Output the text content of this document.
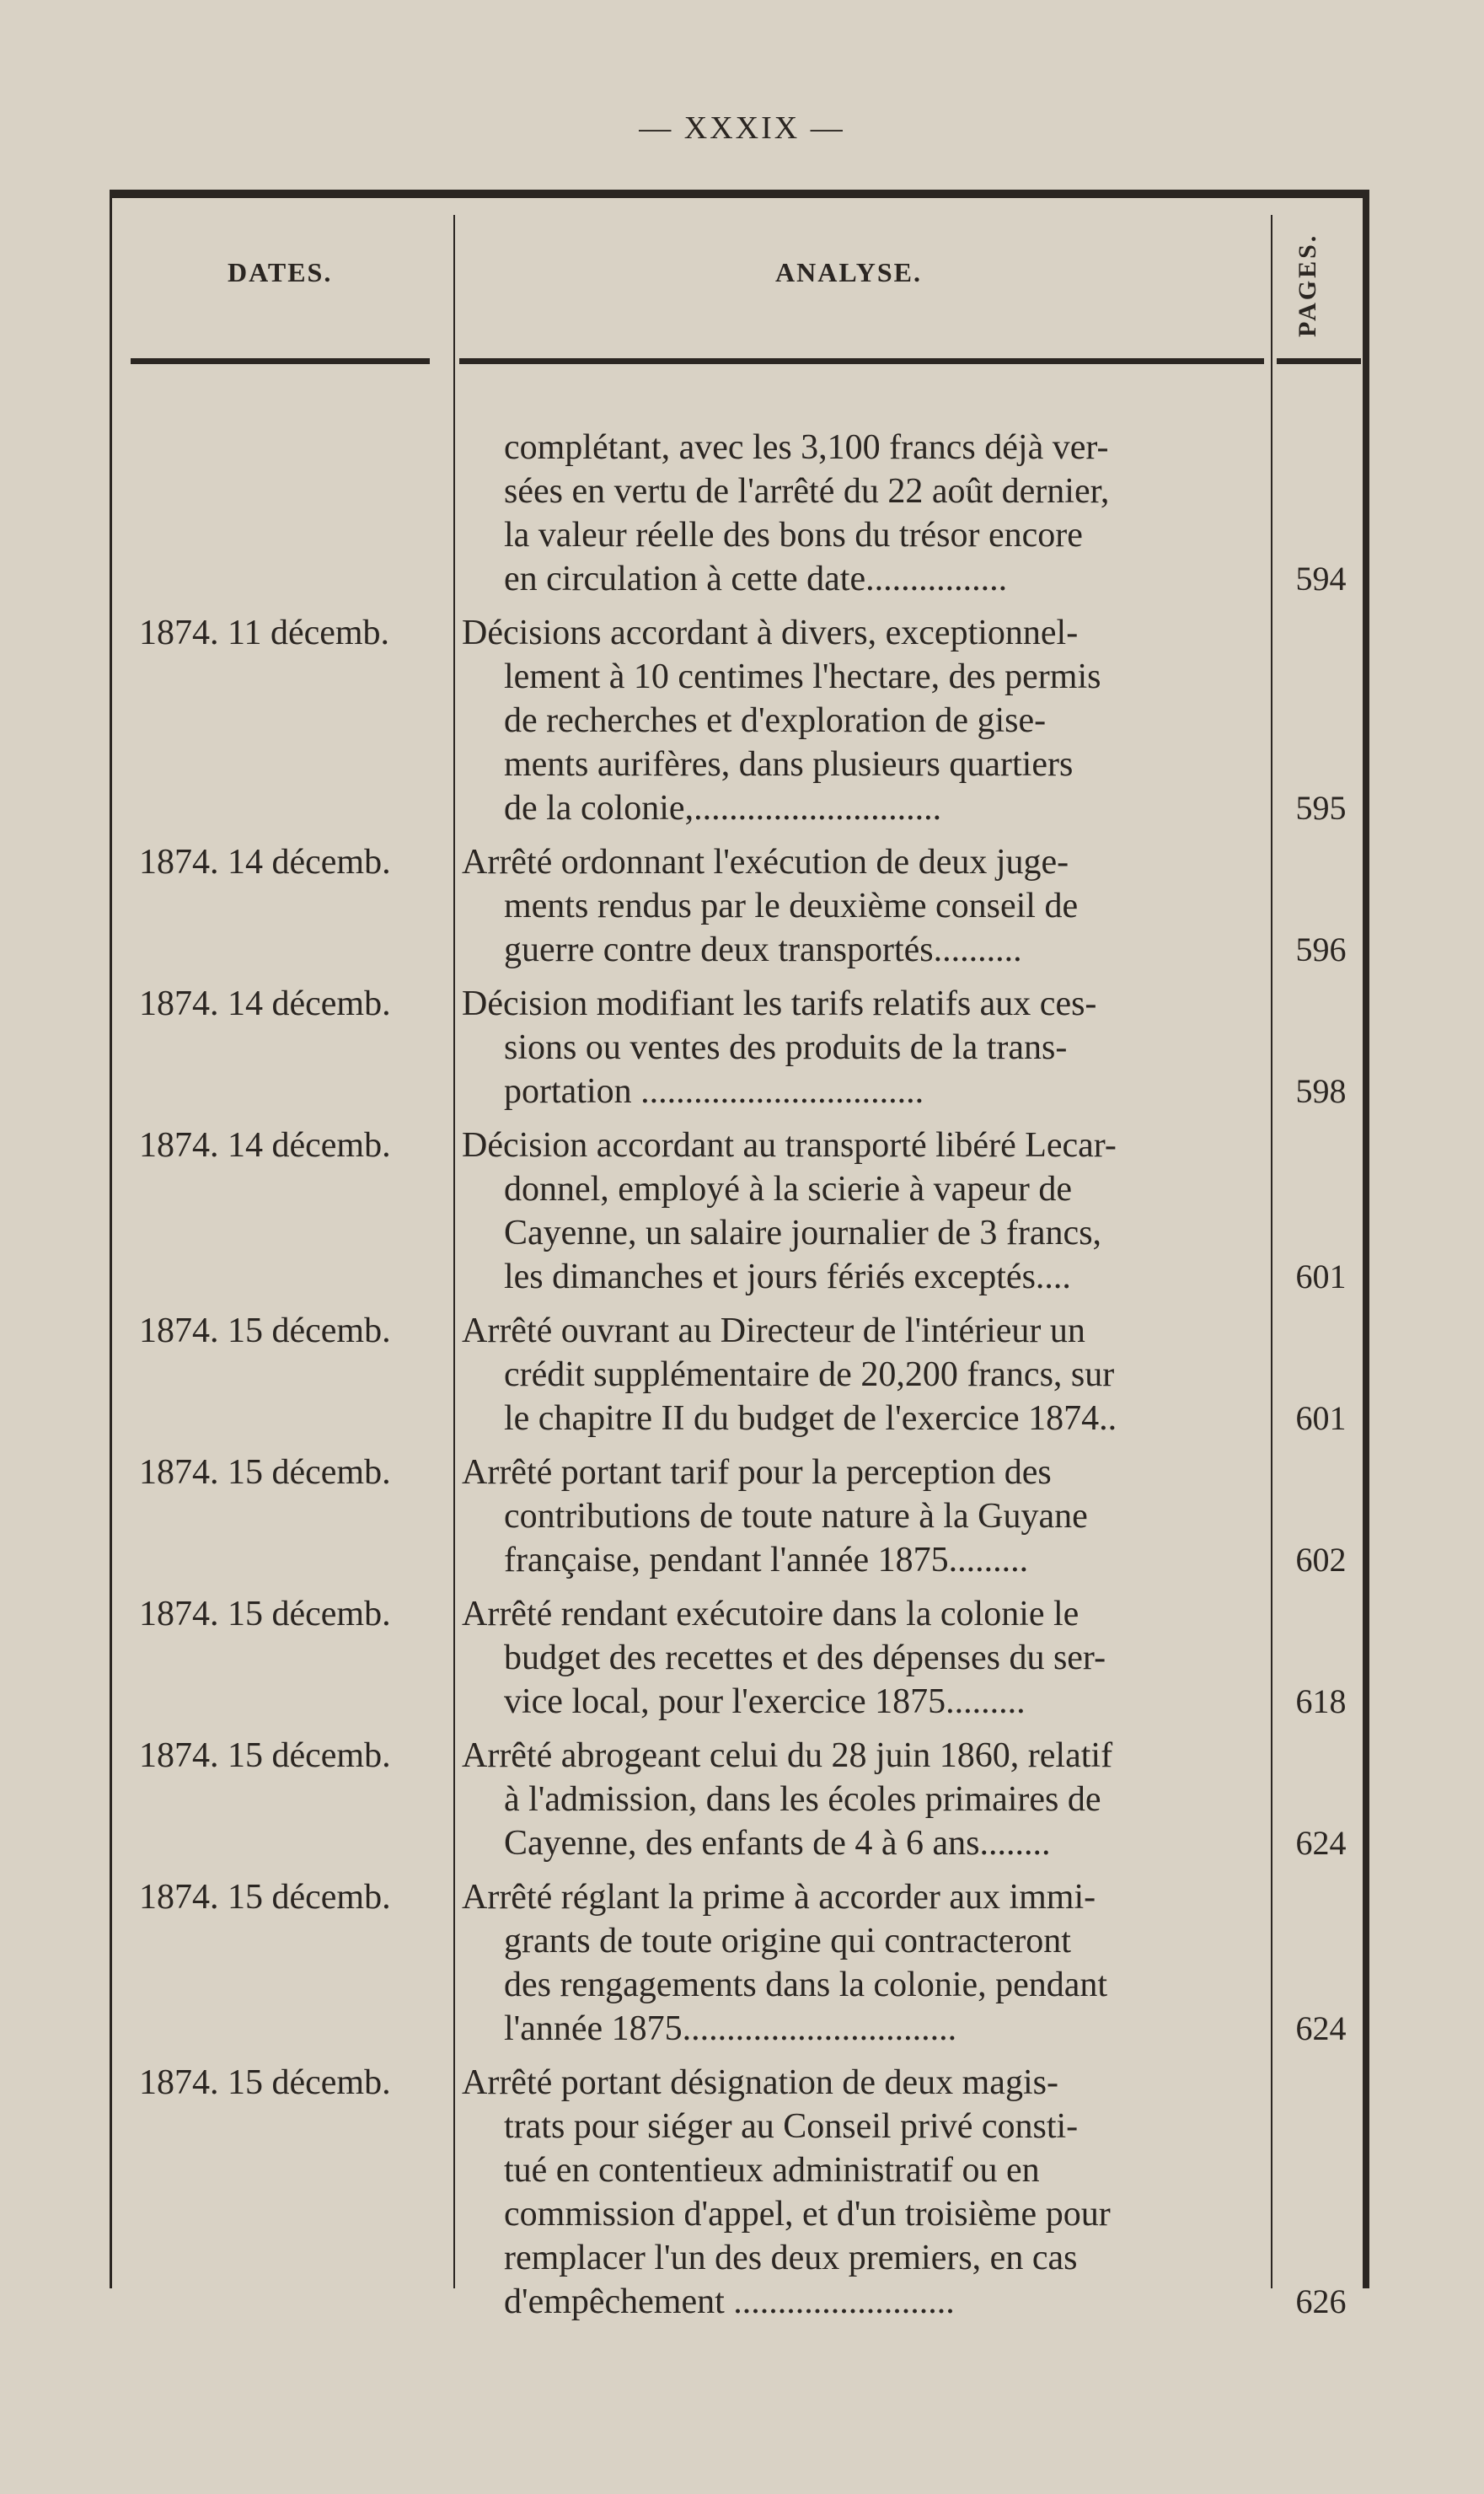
— XXXIX —
DATES.	ANALYSE.	PAGES.
complétant, avec les 3,100 francs déjà ver-
sées en vertu de l'arrêté du 22 août dernier,
la valeur réelle des bons du trésor encore
en circulation à cette date................	594
1874. 11 décemb.	Décisions accordant à divers, exceptionnel-
lement à 10 centimes l'hectare, des permis
de recherches et d'exploration de gise-
ments aurifères, dans plusieurs quartiers
de la colonie,............................	595
1874. 14 décemb.	Arrêté ordonnant l'exécution de deux juge-
ments rendus par le deuxième conseil de
guerre contre deux transportés..........	596
1874. 14 décemb.	Décision modifiant les tarifs relatifs aux ces-
sions ou ventes des produits de la trans-
portation ................................	598
1874. 14 décemb.	Décision accordant au transporté libéré Lecar-
donnel, employé à la scierie à vapeur de
Cayenne, un salaire journalier de 3 francs,
les dimanches et jours fériés exceptés....	601
1874. 15 décemb.	Arrêté ouvrant au Directeur de l'intérieur un
crédit supplémentaire de 20,200 francs, sur
le chapitre II du budget de l'exercice 1874..	601
1874. 15 décemb.	Arrêté portant tarif pour la perception des
contributions de toute nature à la Guyane
française, pendant l'année 1875.........	602
1874. 15 décemb.	Arrêté rendant exécutoire dans la colonie le
budget des recettes et des dépenses du ser-
vice local, pour l'exercice 1875.........	618
1874. 15 décemb.	Arrêté abrogeant celui du 28 juin 1860, relatif
à l'admission, dans les écoles primaires de
Cayenne, des enfants de 4 à 6 ans........	624
1874. 15 décemb.	Arrêté réglant la prime à accorder aux immi-
grants de toute origine qui contracteront
des rengagements dans la colonie, pendant
l'année 1875...............................	624
1874. 15 décemb.	Arrêté portant désignation de deux magis-
trats pour siéger au Conseil privé consti-
tué en contentieux administratif ou en
commission d'appel, et d'un troisième pour
remplacer l'un des deux premiers, en cas
d'empêchement .........................	626
